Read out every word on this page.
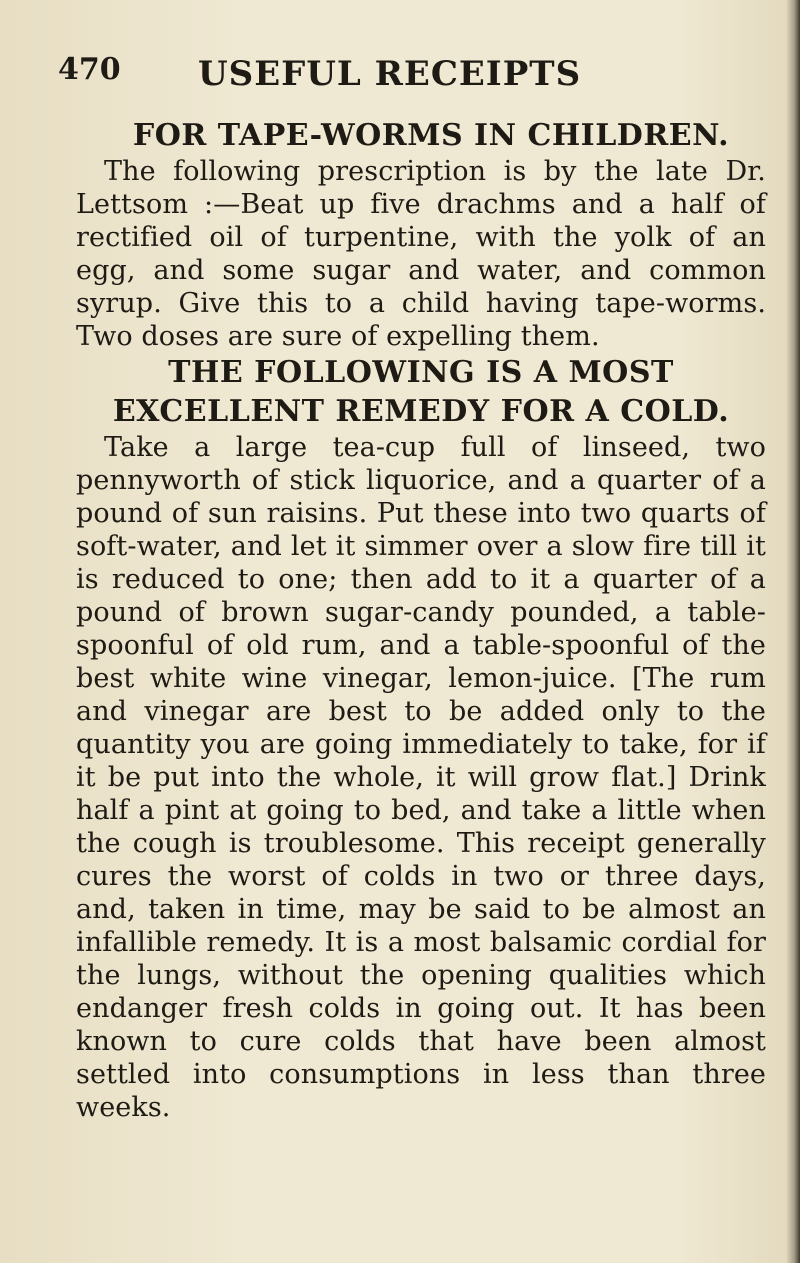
470 USEFUL RECEIPTS
FOR TAPE-WORMS IN CHILDREN.

The following prescription is by the late Dr. Lettsom :—Beat up five drachms and a half of rectified oil of turpentine, with the yolk of an egg, and some sugar and water, and common syrup. Give this to a child having tape-worms. Two doses are sure of expelling them.

THE FOLLOWING IS A MOST EXCELLENT REMEDY FOR A COLD.

Take a large tea-cup full of linseed, two pennyworth of stick liquorice, and a quarter of a pound of sun raisins. Put these into two quarts of soft-water, and let it simmer over a slow fire till it is reduced to one; then add to it a quarter of a pound of brown sugar-candy pounded, a table-spoonful of old rum, and a table-spoonful of the best white wine vinegar, lemon-juice. [The rum and vinegar are best to be added only to the quantity you are going immediately to take, for if it be put into the whole, it will grow flat.] Drink half a pint at going to bed, and take a little when the cough is troublesome. This receipt generally cures the worst of colds in two or three days, and, taken in time, may be said to be almost an infallible remedy. It is a most balsamic cordial for the lungs, without the opening qualities which endanger fresh colds in going out. It has been known to cure colds that have been almost settled into consumptions in less than three weeks.
